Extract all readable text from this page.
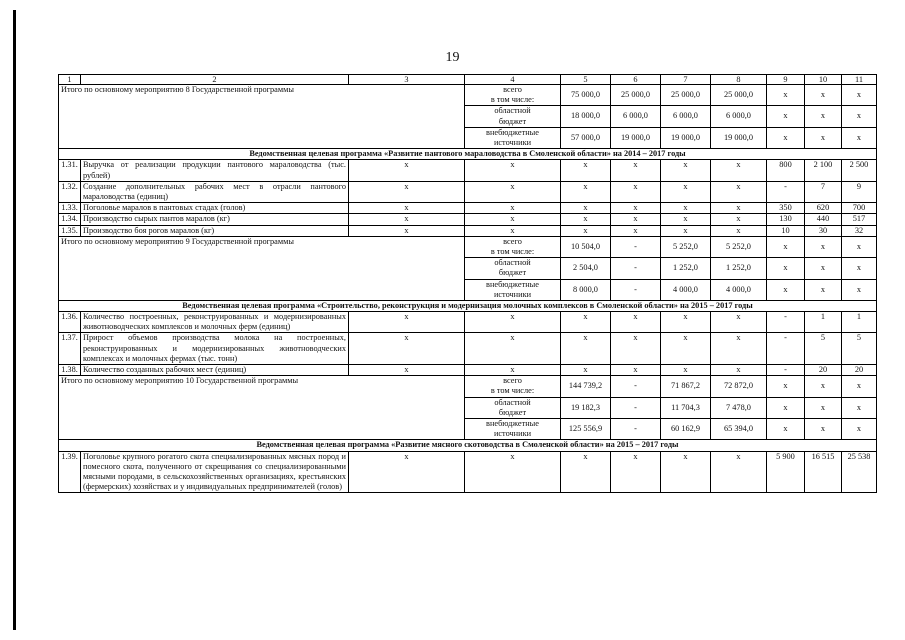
19
1	2	3	4	5	6	7	8	9	10	11
Итого по основному мероприятию 8 Государственной программы			всего
в том числе:	75 000,0	25 000,0	25 000,0	25 000,0	x	x	x

			областной
бюджет	18 000,0	6 000,0	6 000,0	6 000,0	x	x	x

			внебюджетные
источники	57 000,0	19 000,0	19 000,0	19 000,0	x	x	x
Ведомственная целевая программа «Развитие пантового мараловодства в Смоленской области» на 2014 – 2017 годы										
1.31.	Выручка от реализации продукции пантового мараловодства (тыс. рублей)	x	x	x	x	x	x	800	2 100	2 500
1.32.	Создание дополнительных рабочих мест в отрасли пантового мараловодства (единиц)	x	x	x	x	x	x	-	7	9
1.33.	Поголовье маралов в пантовых стадах (голов)	x	x	x	x	x	x	350	620	700
1.34.	Производство сырых пантов маралов (кг)	x	x	x	x	x	x	130	440	517
1.35.	Производство боя рогов маралов (кг)	x	x	x	x	x	x	10	30	32
Итого по основному мероприятию 9 Государственной программы			всего
в том числе:	10 504,0	-	5 252,0	5 252,0	x	x	x

			областной
бюджет	2 504,0	-	1 252,0	1 252,0	x	x	x

			внебюджетные
источники	8 000,0	-	4 000,0	4 000,0	x	x	x
Ведомственная целевая программа «Строительство, реконструкция и модернизация молочных комплексов в Смоленской области» на 2015 – 2017 годы										
1.36.	Количество построенных, реконструированных и модернизированных животноводческих комплексов и молочных ферм (единиц)	x	x	x	x	x	x	-	1	1
1.37.	Прирост объемов производства молока на построенных, реконструированных и модернизированных животноводческих комплексах и молочных фермах (тыс. тонн)	x	x	x	x	x	x	-	5	5
1.38.	Количество созданных рабочих мест (единиц)	x	x	x	x	x	x	-	20	20
Итого по основному мероприятию 10 Государственной программы			всего
в том числе:	144 739,2	-	71 867,2	72 872,0	x	x	x

			областной
бюджет	19 182,3	-	11 704,3	7 478,0	x	x	x

			внебюджетные
источники	125 556,9	-	60 162,9	65 394,0	x	x	x
Ведомственная целевая программа «Развитие мясного скотоводства в Смоленской области» на 2015 – 2017 годы										
1.39.	Поголовье крупного рогатого скота специализированных мясных пород и помесного скота, полученного от скрещивания со специализированными мясными породами, в сельскохозяйственных организациях, крестьянских (фермерских) хозяйствах и у индивидуальных предпринимателей (голов)	x	x	x	x	x	x	5 900	16 515	25 538
